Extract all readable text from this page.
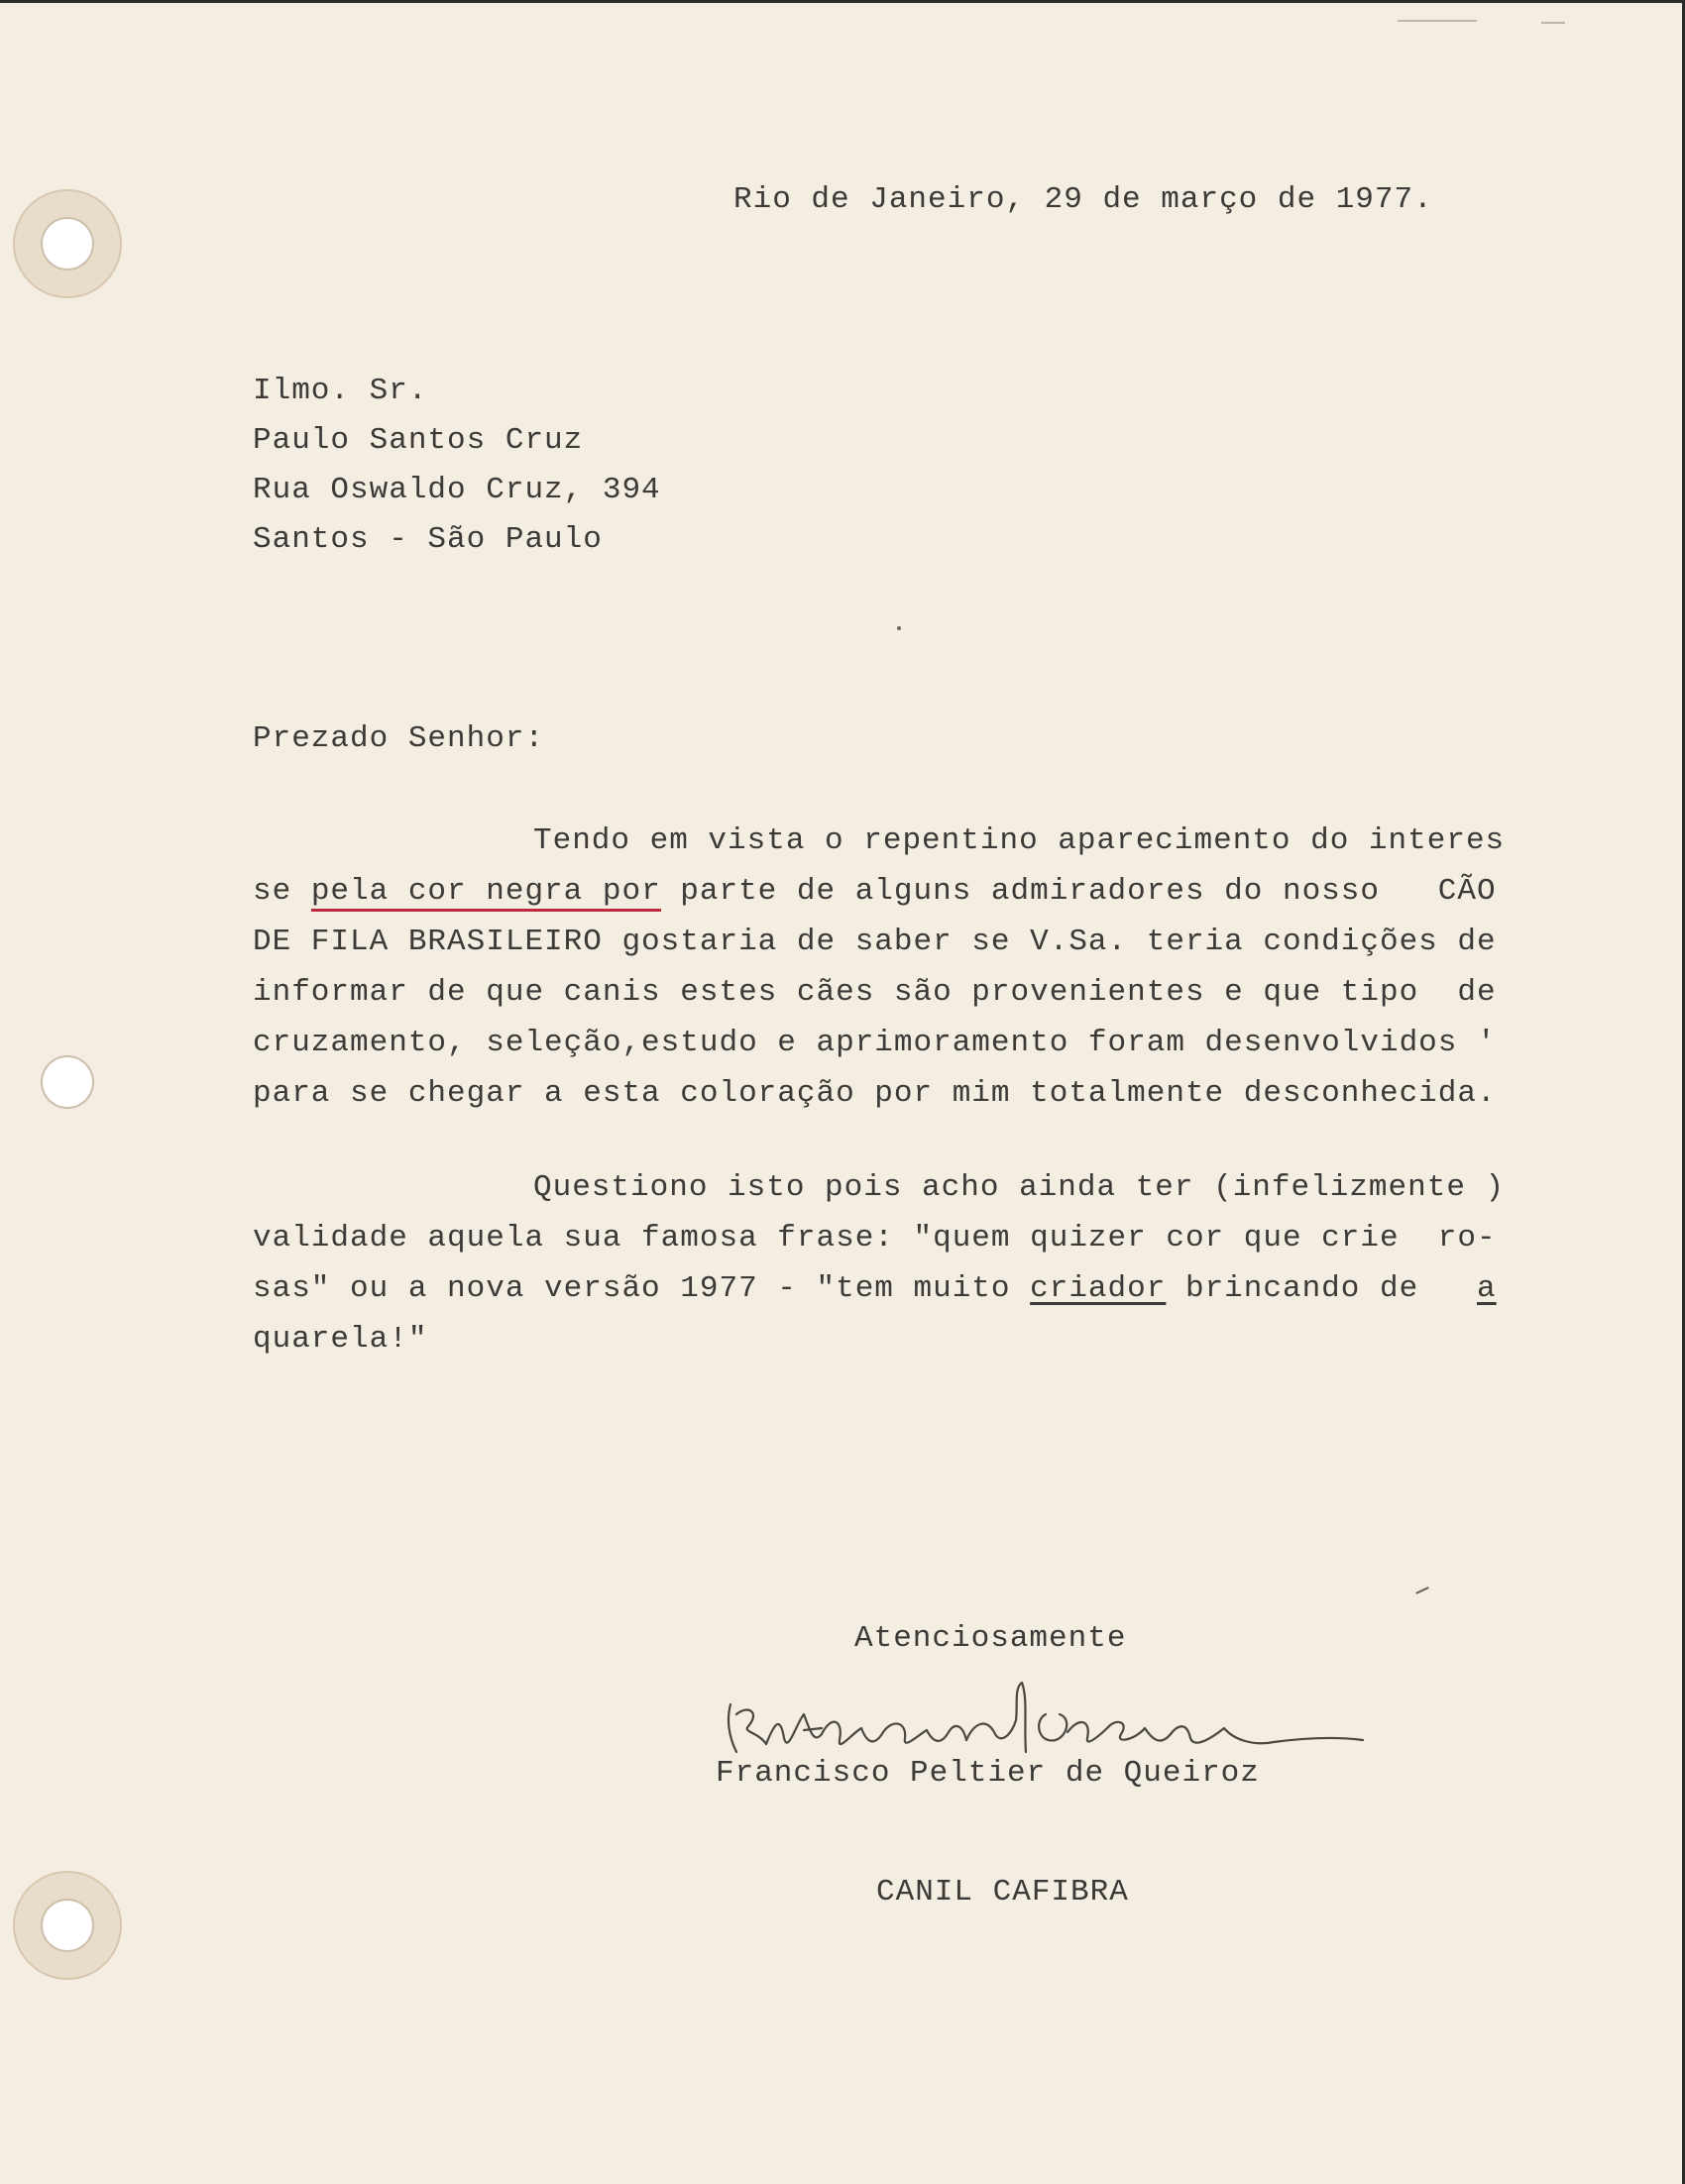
Rio de Janeiro, 29 de março de 1977.
Ilmo. Sr.
Paulo Santos Cruz
Rua Oswaldo Cruz, 394
Santos - São Paulo
Prezado Senhor:
Tendo em vista o repentino aparecimento do interes
se pela cor negra por parte de alguns admiradores do nosso   CÃO
DE FILA BRASILEIRO gostaria de saber se V.Sa. teria condições de
informar de que canis estes cães são provenientes e que tipo  de
cruzamento, seleção,estudo e aprimoramento foram desenvolvidos '
para se chegar a esta coloração por mim totalmente desconhecida.
Questiono isto pois acho ainda ter (infelizmente )
validade aquela sua famosa frase: "quem quizer cor que crie  ro-
sas" ou a nova versão 1977 - "tem muito criador brincando de   a
quarela!"
Atenciosamente
Francisco Peltier de Queiroz
CANIL CAFIBRA
